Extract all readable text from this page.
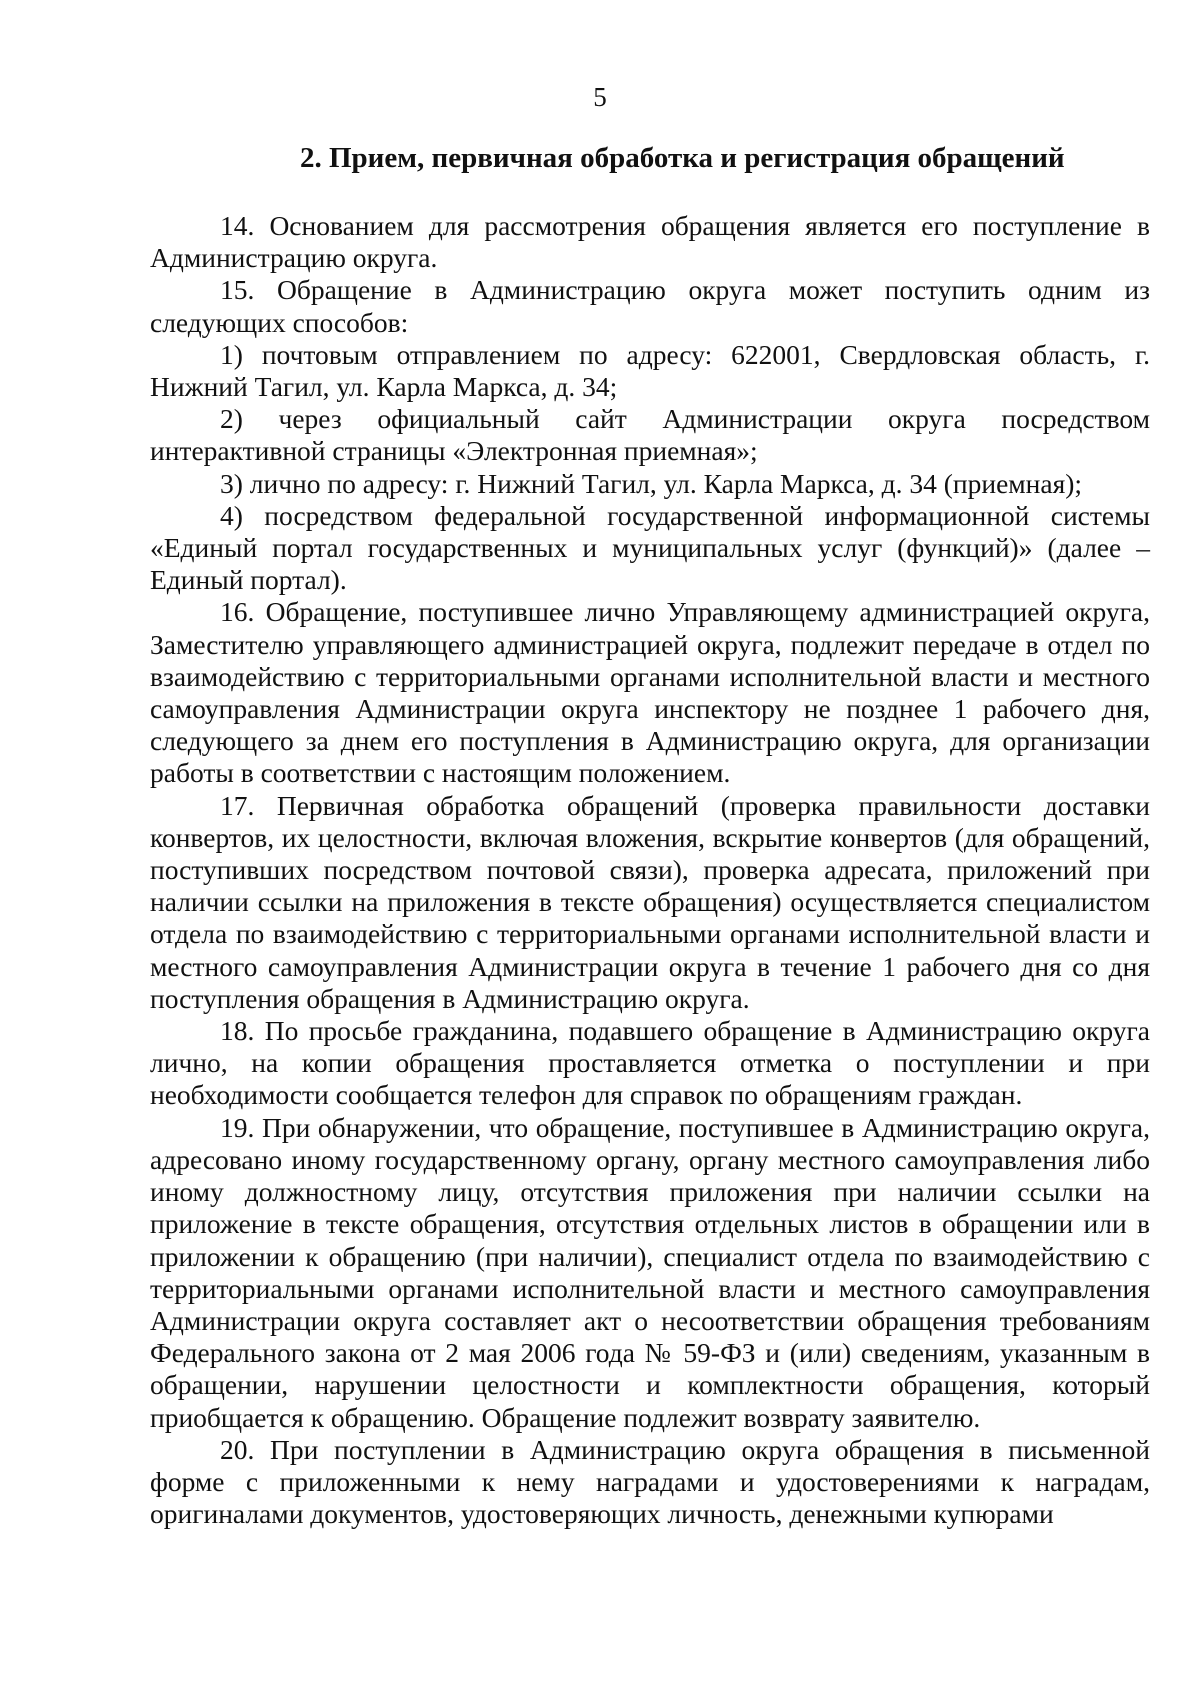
5
2. Прием, первичная обработка и регистрация обращений

14. Основанием для рассмотрения обращения является его поступление в Администрацию округа.

15. Обращение в Администрацию округа может поступить одним из следующих способов:

1) почтовым отправлением по адресу: 622001, Свердловская область, г. Нижний Тагил, ул. Карла Маркса, д. 34;

2) через официальный сайт Администрации округа посредством интерактивной страницы «Электронная приемная»;

3) лично по адресу: г. Нижний Тагил, ул. Карла Маркса, д. 34 (приемная);

4) посредством федеральной государственной информационной системы «Единый портал государственных и муниципальных услуг (функций)» (далее – Единый портал).

16. Обращение, поступившее лично Управляющему администрацией округа, Заместителю управляющего администрацией округа, подлежит передаче в отдел по взаимодействию с территориальными органами исполнительной власти и местного самоуправления Администрации округа инспектору не позднее 1 рабочего дня, следующего за днем его поступления в Администрацию округа, для организации работы в соответствии с настоящим положением.

17. Первичная обработка обращений (проверка правильности доставки конвертов, их целостности, включая вложения, вскрытие конвертов (для обращений, поступивших посредством почтовой связи), проверка адресата, приложений при наличии ссылки на приложения в тексте обращения) осуществляется специалистом отдела по взаимодействию с территориальными органами исполнительной власти и местного самоуправления Администрации округа в течение 1 рабочего дня со дня поступления обращения в Администрацию округа.

18. По просьбе гражданина, подавшего обращение в Администрацию округа лично, на копии обращения проставляется отметка о поступлении и при необходимости сообщается телефон для справок по обращениям граждан.

19. При обнаружении, что обращение, поступившее в Администрацию округа, адресовано иному государственному органу, органу местного самоуправления либо иному должностному лицу, отсутствия приложения при наличии ссылки на приложение в тексте обращения, отсутствия отдельных листов в обращении или в приложении к обращению (при наличии), специалист отдела по взаимодействию с территориальными органами исполнительной власти и местного самоуправления Администрации округа составляет акт о несоответствии обращения требованиям Федерального закона от 2 мая 2006 года № 59-ФЗ и (или) сведениям, указанным в обращении, нарушении целостности и комплектности обращения, который приобщается к обращению. Обращение подлежит возврату заявителю.

20. При поступлении в Администрацию округа обращения в письменной форме с приложенными к нему наградами и удостоверениями к наградам, оригиналами документов, удостоверяющих личность, денежными купюрами
